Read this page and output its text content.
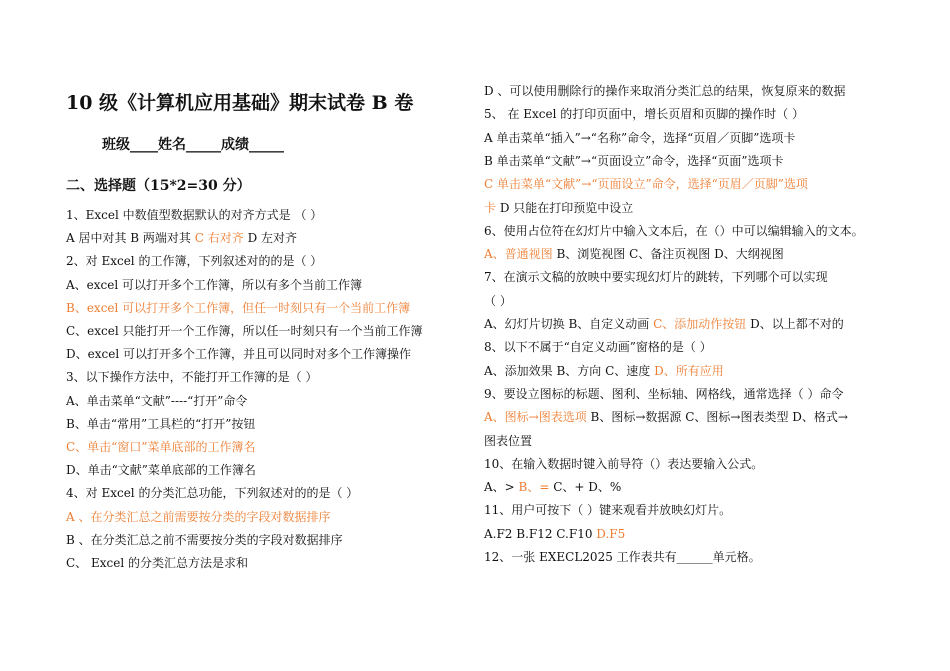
10 级《计算机应用基础》期末试卷 B 卷
班级____姓名_____成绩_____
二、选择题（15*2=30 分）
1、Excel 中数值型数据默认的对齐方式是 （ ）
A 居中对其 B 两端对其 C 右对齐 D 左对齐
2、对 Excel 的工作簿，下列叙述对的的是（ ）
A、excel 可以打开多个工作簿，所以有多个当前工作簿
B、excel 可以打开多个工作簿，但任一时刻只有一个当前工作簿
C、excel 只能打开一个工作簿，所以任一时刻只有一个当前工作簿
D、excel 可以打开多个工作簿，并且可以同时对多个工作簿操作
3、以下操作方法中，不能打开工作簿的是（ ）
A、单击菜单“文献”----“打开”命令
B、单击“常用”工具栏的“打开”按钮
C、单击“窗口”菜单底部的工作簿名
D、单击“文献”菜单底部的工作簿名
4、对 Excel 的分类汇总功能，下列叙述对的的是（ ）
A 、在分类汇总之前需要按分类的字段对数据排序
B 、在分类汇总之前不需要按分类的字段对数据排序
C、 Excel 的分类汇总方法是求和
D 、可以使用删除行的操作来取消分类汇总的结果，恢复原来的数据
5、 在 Excel 的打印页面中，增长页眉和页脚的操作时（ ）
A 单击菜单“插入”→“名称”命令，选择“页眉／页脚”选项卡
B 单击菜单“文献”→“页面设立”命令，选择“页面”选项卡
C 单击菜单“文献”→“页面设立”命令，选择“页眉／页脚”选项
卡 D 只能在打印预览中设立
6、使用占位符在幻灯片中输入文本后，在（）中可以编辑输入的文本。
A、普通视图 B、浏览视图 C、备注页视图 D、大纲视图
7、在演示文稿的放映中要实现幻灯片的跳转，下列哪个可以实现
（ ）
A、幻灯片切换 B、自定义动画 C、添加动作按钮 D、以上都不对的
8、以下不属于“自定义动画”窗格的是（ ）
A、添加效果 B、方向 C、速度 D、所有应用
9、要设立图标的标题、图利、坐标轴、网格线，通常选择（ ）命令
A、图标→图表选项 B、图标→数据源 C、图标→图表类型 D、格式→
图表位置
10、在输入数据时键入前导符（）表达要输入公式。
A、> B、= C、+ D、%
11、用户可按下（ ）键来观看并放映幻灯片。
A.F2 B.F12 C.F10 D.F5
12、一张 EXECL2025 工作表共有______单元格。
